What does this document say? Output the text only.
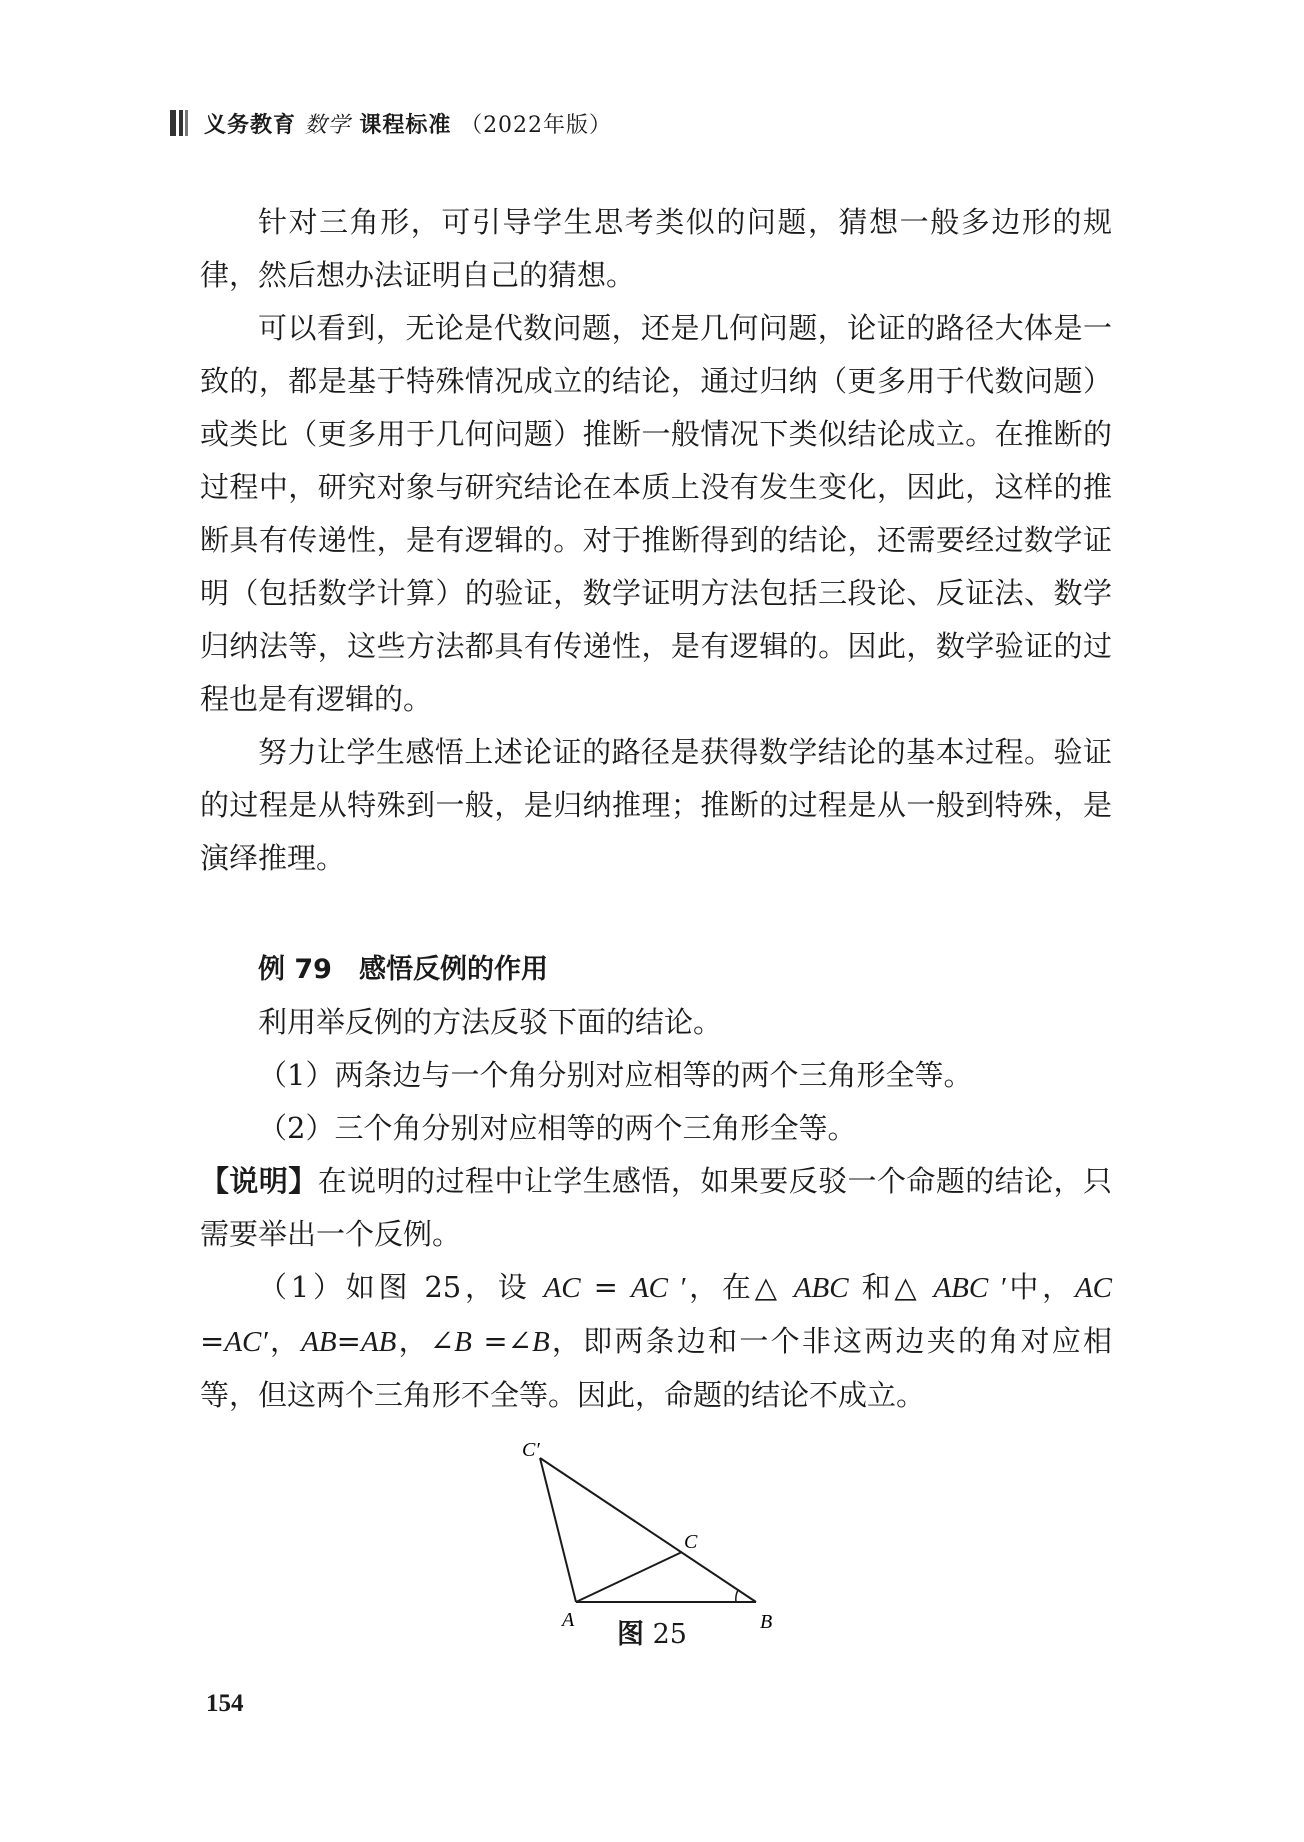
义务教育 数学 课程标准 （2022年版）

针对三角形，可引导学生思考类似的问题，猜想一般多边形的规律，然后想办法证明自己的猜想。

可以看到，无论是代数问题，还是几何问题，论证的路径大体是一致的，都是基于特殊情况成立的结论，通过归纳（更多用于代数问题）或类比（更多用于几何问题）推断一般情况下类似结论成立。在推断的过程中，研究对象与研究结论在本质上没有发生变化，因此，这样的推断具有传递性，是有逻辑的。对于推断得到的结论，还需要经过数学证明（包括数学计算）的验证，数学证明方法包括三段论、反证法、数学归纳法等，这些方法都具有传递性，是有逻辑的。因此，数学验证的过程也是有逻辑的。

努力让学生感悟上述论证的路径是获得数学结论的基本过程。验证的过程是从特殊到一般，是归纳推理；推断的过程是从一般到特殊，是演绎推理。

例 79　感悟反例的作用

利用举反例的方法反驳下面的结论。

（1）两条边与一个角分别对应相等的两个三角形全等。

（2）三个角分别对应相等的两个三角形全等。

【说明】在说明的过程中让学生感悟，如果要反驳一个命题的结论，只需要举出一个反例。

（1）如图 25，设 AC = AC ′，在△ ABC 和△ ABC ′中，AC =AC′，AB=AB，∠B =∠B，即两条边和一个非这两边夹的角对应相等，但这两个三角形不全等。因此，命题的结论不成立。

C′
C
A	B
图 25
154
